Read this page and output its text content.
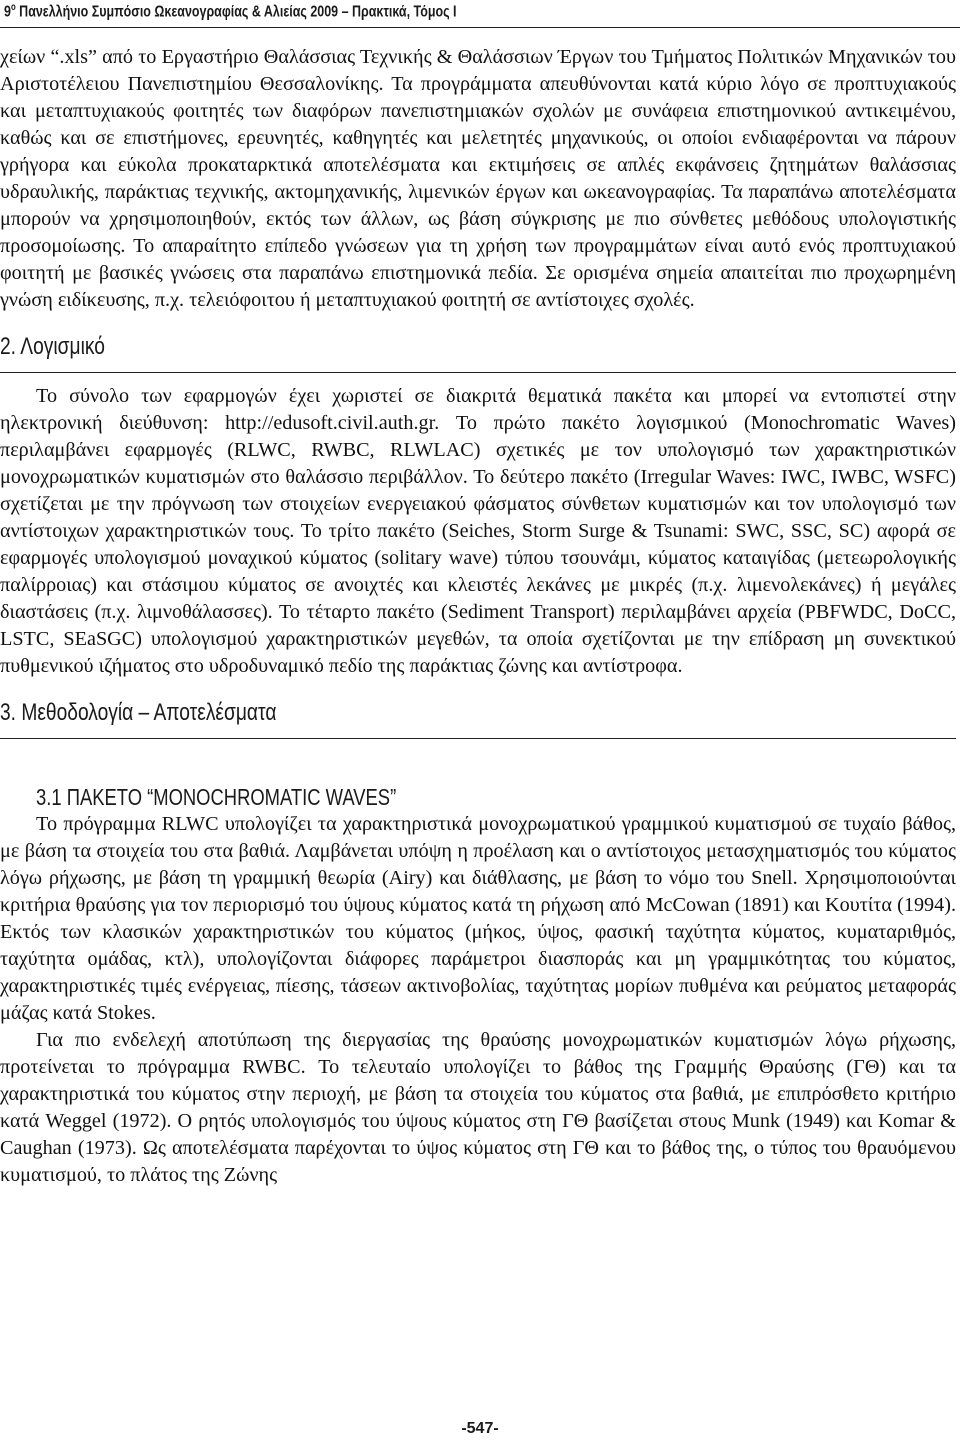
$9^o$ Πανελλήνιο Συμπόσιο Ωκεανογραφίας & Αλιείας 2009 – Πρακτικά, Τόμος I

χείων “.xls” από το Εργαστήριο Θαλάσσιας Τεχνικής & Θαλάσσιων Έργων του Τμήματος Πολιτικών Μηχανικών του Αριστοτέλειου Πανεπιστημίου Θεσσαλονίκης. Τα προγράμματα απευθύνονται κατά κύριο λόγο σε προπτυχιακούς και μεταπτυχιακούς φοιτητές των διαφόρων πανεπιστημιακών σχολών με συνάφεια επιστημονικού αντικειμένου, καθώς και σε επιστήμονες, ερευνητές, καθηγητές και μελετητές μηχανικούς, οι οποίοι ενδιαφέρονται να πάρουν γρήγορα και εύκολα προκαταρκτικά αποτελέσματα και εκτιμήσεις σε απλές εκφάνσεις ζητημάτων θαλάσσιας υδραυλικής, παράκτιας τεχνικής, ακτομηχανικής, λιμενικών έργων και ωκεανογραφίας. Τα παραπάνω αποτελέσματα μπορούν να χρησιμοποιηθούν, εκτός των άλλων, ως βάση σύγκρισης με πιο σύνθετες μεθόδους υπολογιστικής προσομοίωσης. Το απαραίτητο επίπεδο γνώσεων για τη χρήση των προγραμμάτων είναι αυτό ενός προπτυχιακού φοιτητή με βασικές γνώσεις στα παραπάνω επιστημονικά πεδία. Σε ορισμένα σημεία απαιτείται πιο προχωρημένη γνώση ειδίκευσης, π.χ. τελειόφοιτου ή μεταπτυχιακού φοιτητή σε αντίστοιχες σχολές.

2. Λογισμικό

Το σύνολο των εφαρμογών έχει χωριστεί σε διακριτά θεματικά πακέτα και μπορεί να εντοπιστεί στην ηλεκτρονική διεύθυνση: http://edusoft.civil.auth.gr. Το πρώτο πακέτο λογισμικού (Monochromatic Waves) περιλαμβάνει εφαρμογές (RLWC, RWBC, RLWLAC) σχετικές με τον υπολογισμό των χαρακτηριστικών μονοχρωματικών κυματισμών στο θαλάσσιο περιβάλλον. Το δεύτερο πακέτο (Irregular Waves: IWC, IWBC, WSFC) σχετίζεται με την πρόγνωση των στοιχείων ενεργειακού φάσματος σύνθετων κυματισμών και τον υπολογισμό των αντίστοιχων χαρακτηριστικών τους. Το τρίτο πακέτο (Seiches, Storm Surge & Tsunami: SWC, SSC, SC) αφορά σε εφαρμογές υπολογισμού μοναχικού κύματος (solitary wave) τύπου τσουνάμι, κύματος καταιγίδας (μετεωρολογικής παλίρροιας) και στάσιμου κύματος σε ανοιχτές και κλειστές λεκάνες με μικρές (π.χ. λιμενολεκάνες) ή μεγάλες διαστάσεις (π.χ. λιμνοθάλασσες). Το τέταρτο πακέτο (Sediment Transport) περιλαμβάνει αρχεία (PBFWDC, DoCC, LSTC, SEaSGC) υπολογισμού χαρακτηριστικών μεγεθών, τα οποία σχετίζονται με την επίδραση μη συνεκτικού πυθμενικού ιζήματος στο υδροδυναμικό πεδίο της παράκτιας ζώνης και αντίστροφα.

3. Μεθοδολογία – Αποτελέσματα
3.1 ΠΑΚΕΤΟ “MONOCHROMATIC WAVES”

Το πρόγραμμα RLWC υπολογίζει τα χαρακτηριστικά μονοχρωματικού γραμμικού κυματισμού σε τυχαίο βάθος, με βάση τα στοιχεία του στα βαθιά. Λαμβάνεται υπόψη η προέλαση και ο αντίστοιχος μετασχηματισμός του κύματος λόγω ρήχωσης, με βάση τη γραμμική θεωρία (Airy) και διάθλασης, με βάση το νόμο του Snell. Χρησιμοποιούνται κριτήρια θραύσης για τον περιορισμό του ύψους κύματος κατά τη ρήχωση από McCowan (1891) και Κουτίτα (1994). Εκτός των κλασικών χαρακτηριστικών του κύματος (μήκος, ύψος, φασική ταχύτητα κύματος, κυματαριθμός, ταχύτητα ομάδας, κτλ), υπολογίζονται διάφορες παράμετροι διασποράς και μη γραμμικότητας του κύματος, χαρακτηριστικές τιμές ενέργειας, πίεσης, τάσεων ακτινοβολίας, ταχύτητας μορίων πυθμένα και ρεύματος μεταφοράς μάζας κατά Stokes.

Για πιο ενδελεχή αποτύπωση της διεργασίας της θραύσης μονοχρωματικών κυματισμών λόγω ρήχωσης, προτείνεται το πρόγραμμα RWBC. Το τελευταίο υπολογίζει το βάθος της Γραμμής Θραύσης (ΓΘ) και τα χαρακτηριστικά του κύματος στην περιοχή, με βάση τα στοιχεία του κύματος στα βαθιά, με επιπρόσθετο κριτήριο κατά Weggel (1972). Ο ρητός υπολογισμός του ύψους κύματος στη ΓΘ βασίζεται στους Munk (1949) και Komar & Caughan (1973). Ως αποτελέσματα παρέχονται το ύψος κύματος στη ΓΘ και το βάθος της, ο τύπος του θραυόμενου κυματισμού, το πλάτος της Ζώνης

-547-
